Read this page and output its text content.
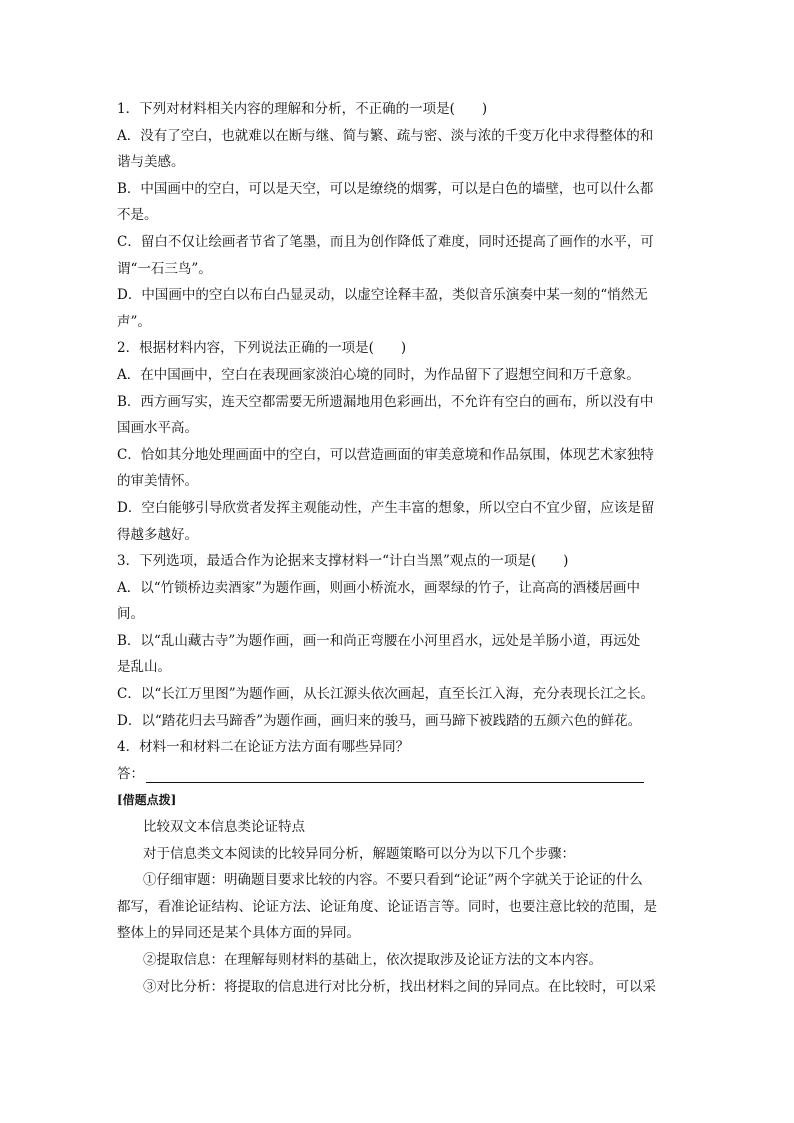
1．下列对材料相关内容的理解和分析，不正确的一项是(　　)
A．没有了空白，也就难以在断与继、简与繁、疏与密、淡与浓的千变万化中求得整体的和
谐与美感。
B．中国画中的空白，可以是天空，可以是缭绕的烟雾，可以是白色的墙壁，也可以什么都
不是。
C．留白不仅让绘画者节省了笔墨，而且为创作降低了难度，同时还提高了画作的水平，可
谓“一石三鸟”。
D．中国画中的空白以布白凸显灵动，以虚空诠释丰盈，类似音乐演奏中某一刻的“悄然无
声”。
2．根据材料内容，下列说法正确的一项是(　　)
A．在中国画中，空白在表现画家淡泊心境的同时，为作品留下了遐想空间和万千意象。
B．西方画写实，连天空都需要无所遗漏地用色彩画出，不允许有空白的画布，所以没有中
国画水平高。
C．恰如其分地处理画面中的空白，可以营造画面的审美意境和作品氛围，体现艺术家独特
的审美情怀。
D．空白能够引导欣赏者发挥主观能动性，产生丰富的想象，所以空白不宜少留，应该是留
得越多越好。
3．下列选项，最适合作为论据来支撑材料一“计白当黑”观点的一项是(　　)
A．以“竹锁桥边卖酒家”为题作画，则画小桥流水，画翠绿的竹子，让高高的酒楼居画中
间。
B．以“乱山藏古寺”为题作画，画一和尚正弯腰在小河里舀水，远处是羊肠小道，再远处
是乱山。
C．以“长江万里图”为题作画，从长江源头依次画起，直至长江入海，充分表现长江之长。
D．以“踏花归去马蹄香”为题作画，画归来的骏马，画马蹄下被践踏的五颜六色的鲜花。
4．材料一和材料二在论证方法方面有哪些异同？
答：
[借题点拨]
比较双文本信息类论证特点
对于信息类文本阅读的比较异同分析，解题策略可以分为以下几个步骤：
①仔细审题：明确题目要求比较的内容。不要只看到“论证”两个字就关于论证的什么
都写，看准论证结构、论证方法、论证角度、论证语言等。同时，也要注意比较的范围，是
整体上的异同还是某个具体方面的异同。
②提取信息：在理解每则材料的基础上，依次提取涉及论证方法的文本内容。
③对比分析：将提取的信息进行对比分析，找出材料之间的异同点。在比较时，可以采
